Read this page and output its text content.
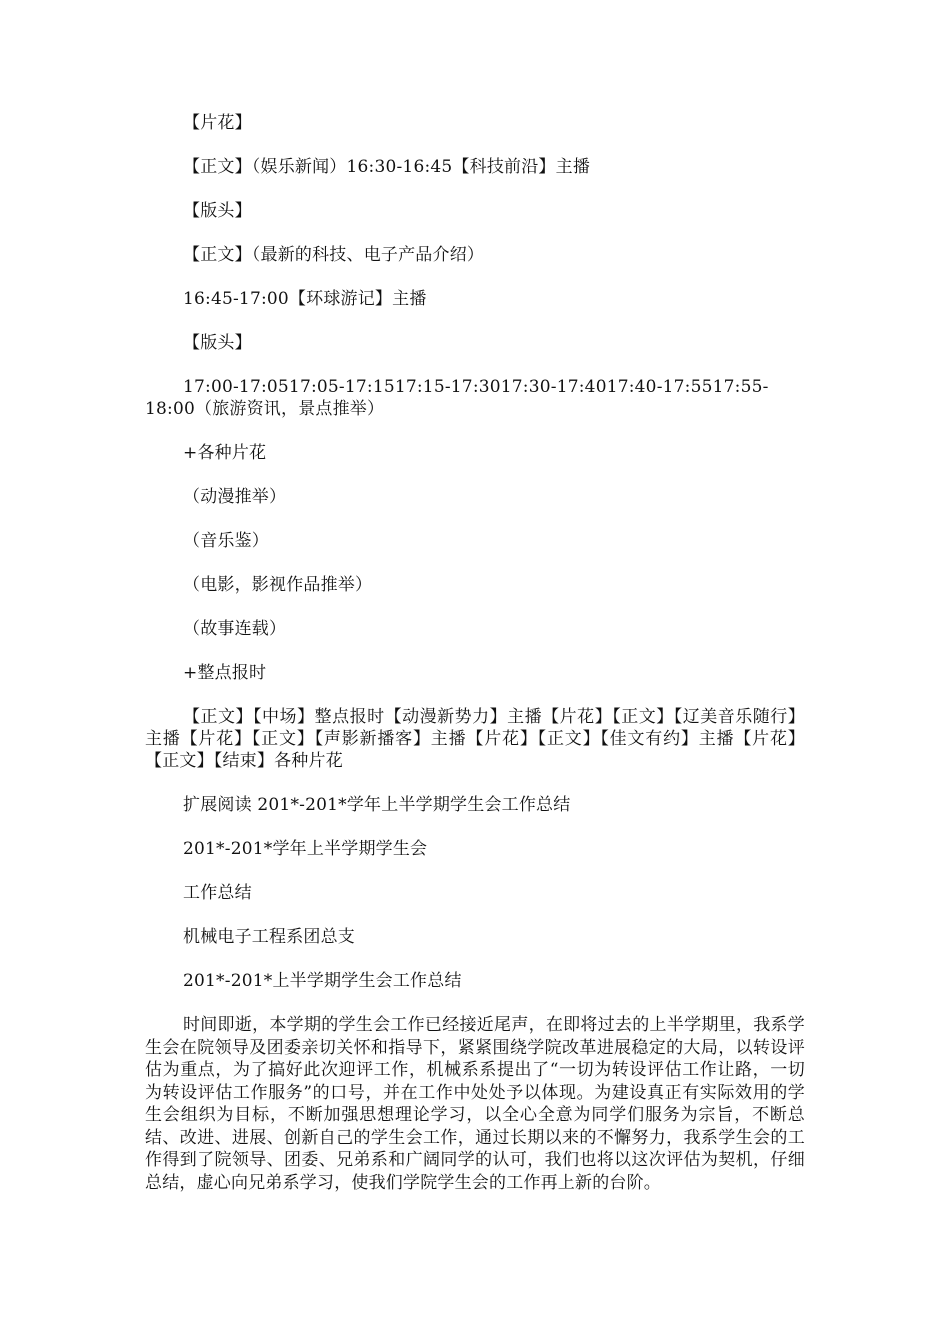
【片花】

【正文】（娱乐新闻）16:30-16:45【科技前沿】主播

【版头】

【正文】（最新的科技、电子产品介绍）

16:45-17:00【环球游记】主播

【版头】

17:00-17:0517:05-17:1517:15-17:3017:30-17:4017:40-17:5517:55-18:00（旅游资讯，景点推举）

+各种片花

（动漫推举）

（音乐鉴）

（电影，影视作品推举）

（故事连载）

+整点报时

【正文】【中场】整点报时【动漫新势力】主播【片花】【正文】【辽美音乐随行】主播【片花】【正文】【声影新播客】主播【片花】【正文】【佳文有约】主播【片花】【正文】【结束】各种片花

扩展阅读 201*-201*学年上半学期学生会工作总结

201*-201*学年上半学期学生会

工作总结

机械电子工程系团总支

201*-201*上半学期学生会工作总结

时间即逝，本学期的学生会工作已经接近尾声，在即将过去的上半学期里，我系学生会在院领导及团委亲切关怀和指导下，紧紧围绕学院改革进展稳定的大局，以转设评估为重点，为了搞好此次迎评工作，机械系系提出了“一切为转设评估工作让路，一切为转设评估工作服务”的口号，并在工作中处处予以体现。为建设真正有实际效用的学生会组织为目标，不断加强思想理论学习，以全心全意为同学们服务为宗旨，不断总结、改进、进展、创新自己的学生会工作，通过长期以来的不懈努力，我系学生会的工作得到了院领导、团委、兄弟系和广阔同学的认可，我们也将以这次评估为契机，仔细总结，虚心向兄弟系学习，使我们学院学生会的工作再上新的台阶。
